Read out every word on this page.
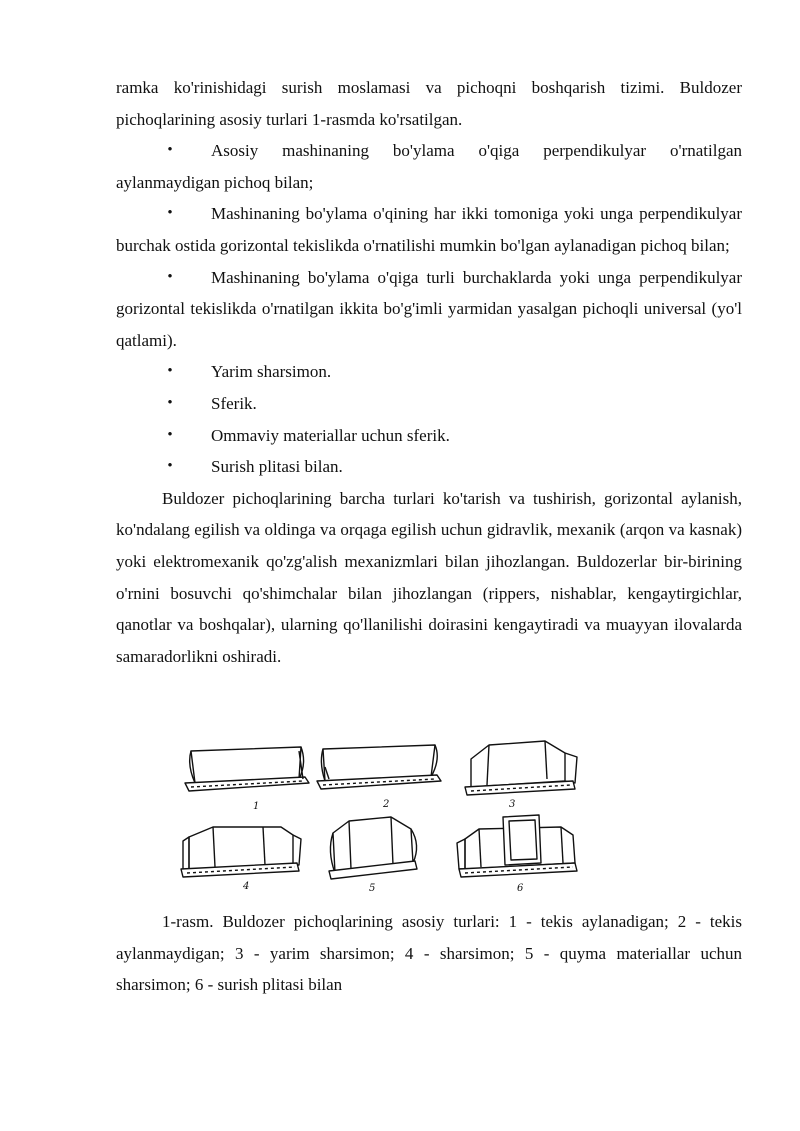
ramka ko'rinishidagi surish moslamasi va pichoqni boshqarish tizimi. Buldozer pichoqlarining asosiy turlari 1-rasmda ko'rsatilgan.

•	Asosiy mashinaning bo'ylama o'qiga perpendikulyar o'rnatilgan aylanmaydigan pichoq bilan;

•	Mashinaning bo'ylama o'qining har ikki tomoniga yoki unga perpendikulyar burchak ostida gorizontal tekislikda o'rnatilishi mumkin bo'lgan aylanadigan pichoq bilan;

•	Mashinaning bo'ylama o'qiga turli burchaklarda yoki unga perpendikulyar gorizontal tekislikda o'rnatilgan ikkita bo'g'imli yarmidan yasalgan pichoqli universal (yo'l qatlami).

•	Yarim sharsimon.

•	Sferik.

•	Ommaviy materiallar uchun sferik.

•	Surish plitasi bilan.

Buldozer pichoqlarining barcha turlari ko'tarish va tushirish, gorizontal aylanish, ko'ndalang egilish va oldinga va orqaga egilish uchun gidravlik, mexanik (arqon va kasnak) yoki elektromexanik qo'zg'alish mexanizmlari bilan jihozlangan. Buldozerlar bir-birining o'rnini bosuvchi qo'shimchalar bilan jihozlangan (rippers, nishablar, kengaytirgichlar, qanotlar va boshqalar), ularning qo'llanilishi doirasini kengaytiradi va muayyan ilovalarda samaradorlikni oshiradi.

1	2	3
4	5	6

1-rasm. Buldozer pichoqlarining asosiy turlari: 1 - tekis aylanadigan; 2 - tekis aylanmaydigan; 3 - yarim sharsimon; 4 - sharsimon; 5 - quyma materiallar uchun sharsimon; 6 - surish plitasi bilan
